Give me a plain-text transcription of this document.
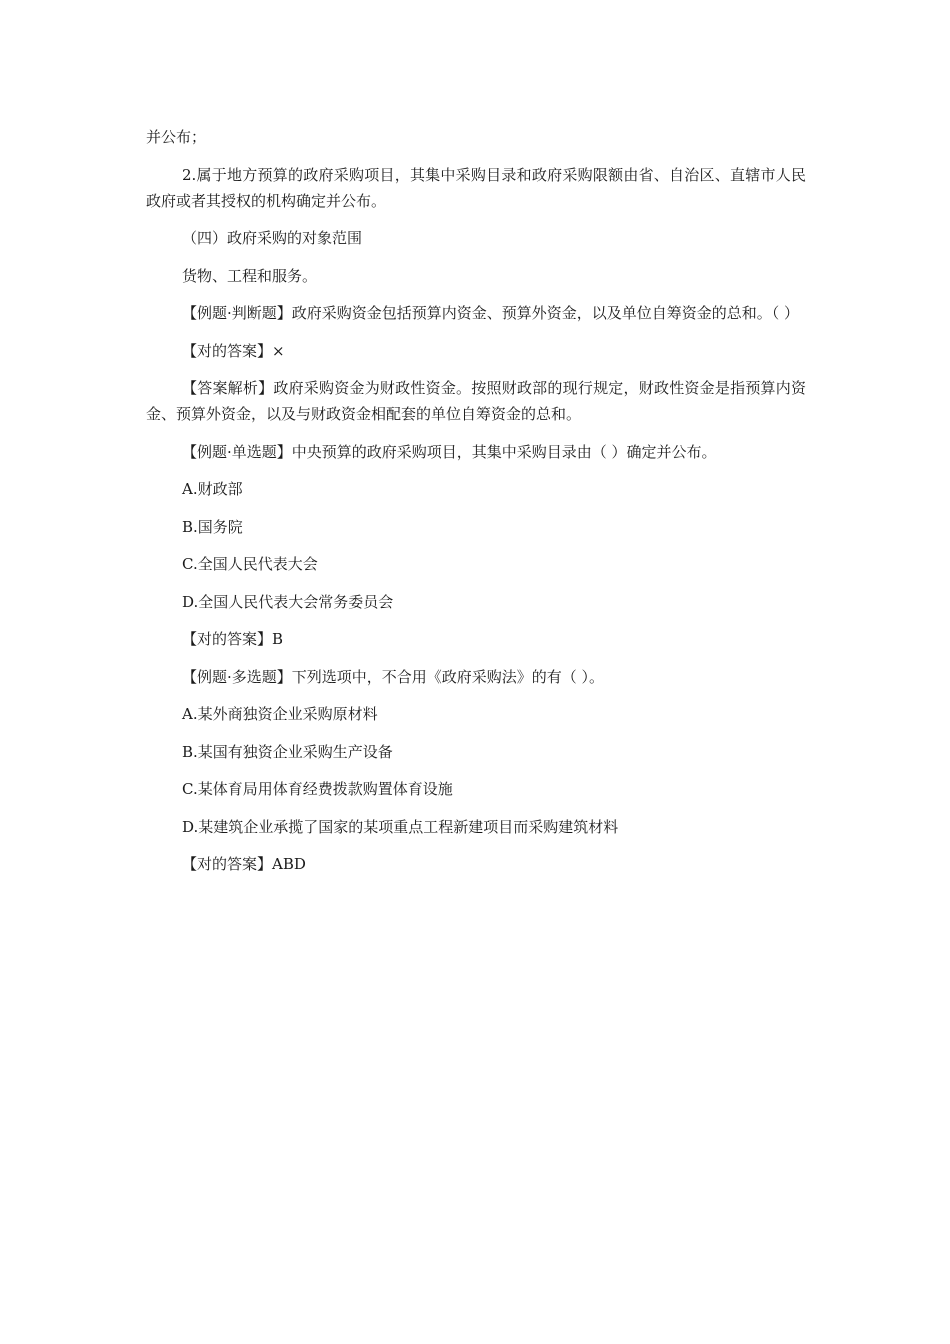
并公布；

2.属于地方预算的政府采购项目，其集中采购目录和政府采购限额由省、自治区、直辖市人民政府或者其授权的机构确定并公布。

（四）政府采购的对象范围

货物、工程和服务。

【例题·判断题】政府采购资金包括预算内资金、预算外资金，以及单位自筹资金的总和。（ ）

【对的答案】×

【答案解析】政府采购资金为财政性资金。按照财政部的现行规定，财政性资金是指预算内资金、预算外资金，以及与财政资金相配套的单位自筹资金的总和。

【例题·单选题】中央预算的政府采购项目，其集中采购目录由（ ）确定并公布。

A.财政部

B.国务院

C.全国人民代表大会

D.全国人民代表大会常务委员会

【对的答案】B

【例题·多选题】下列选项中，不合用《政府采购法》的有（ ）。

A.某外商独资企业采购原材料

B.某国有独资企业采购生产设备

C.某体育局用体育经费拨款购置体育设施

D.某建筑企业承揽了国家的某项重点工程新建项目而采购建筑材料

【对的答案】ABD
